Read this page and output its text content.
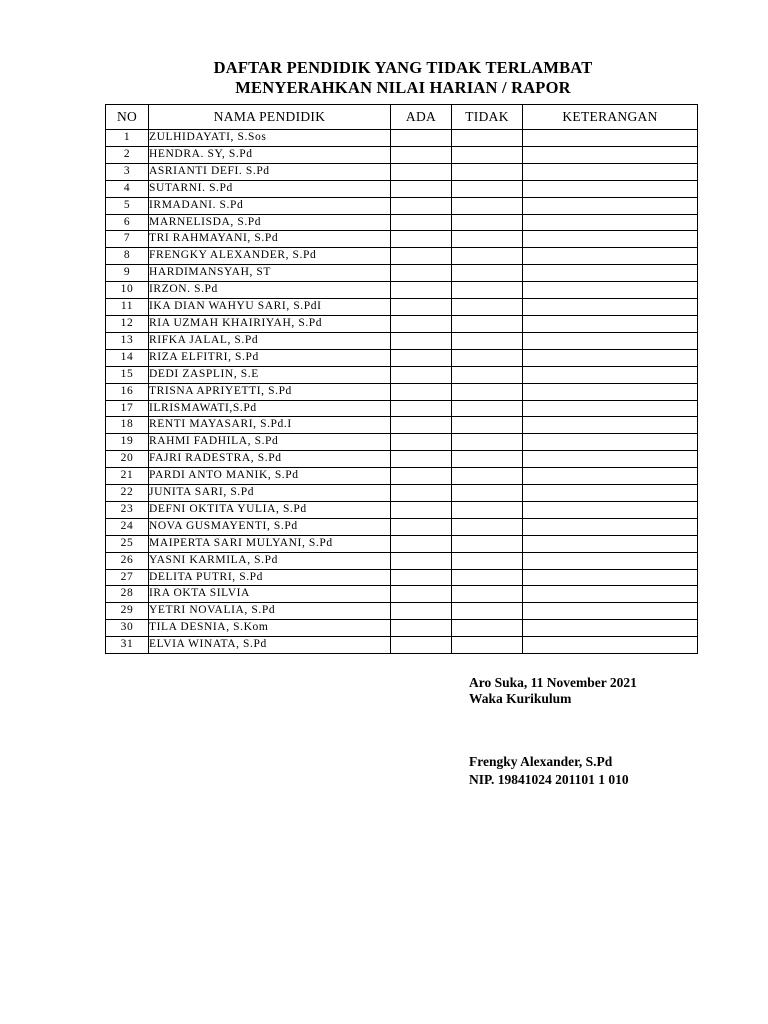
DAFTAR PENDIDIK YANG TIDAK TERLAMBAT
MENYERAHKAN NILAI HARIAN / RAPOR
NO	NAMA PENDIDIK	ADA	TIDAK	KETERANGAN
1	ZULHIDAYATI, S.Sos			
2	HENDRA. SY, S.Pd			
3	ASRIANTI DEFI. S.Pd			
4	SUTARNI. S.Pd			
5	IRMADANI. S.Pd			
6	MARNELISDA, S.Pd			
7	TRI RAHMAYANI, S.Pd			
8	FRENGKY ALEXANDER, S.Pd			
9	HARDIMANSYAH, ST			
10	IRZON. S.Pd			
11	IKA DIAN WAHYU SARI, S.PdI			
12	RIA UZMAH KHAIRIYAH, S.Pd			
13	RIFKA JALAL, S.Pd			
14	RIZA ELFITRI, S.Pd			
15	DEDI ZASPLIN, S.E			
16	TRISNA APRIYETTI, S.Pd			
17	ILRISMAWATI,S.Pd			
18	RENTI MAYASARI, S.Pd.I			
19	RAHMI FADHILA, S.Pd			
20	FAJRI RADESTRA, S.Pd			
21	PARDI ANTO MANIK, S.Pd			
22	JUNITA SARI, S.Pd			
23	DEFNI OKTITA YULIA, S.Pd			
24	NOVA GUSMAYENTI, S.Pd			
25	MAIPERTA SARI MULYANI, S.Pd			
26	YASNI KARMILA, S.Pd			
27	DELITA PUTRI, S.Pd			
28	IRA OKTA SILVIA			
29	YETRI NOVALIA, S.Pd			
30	TILA DESNIA, S.Kom			
31	ELVIA WINATA, S.Pd			
Aro Suka, 11 November 2021
Waka Kurikulum
Frengky Alexander, S.Pd
NIP. 19841024 201101 1 010
